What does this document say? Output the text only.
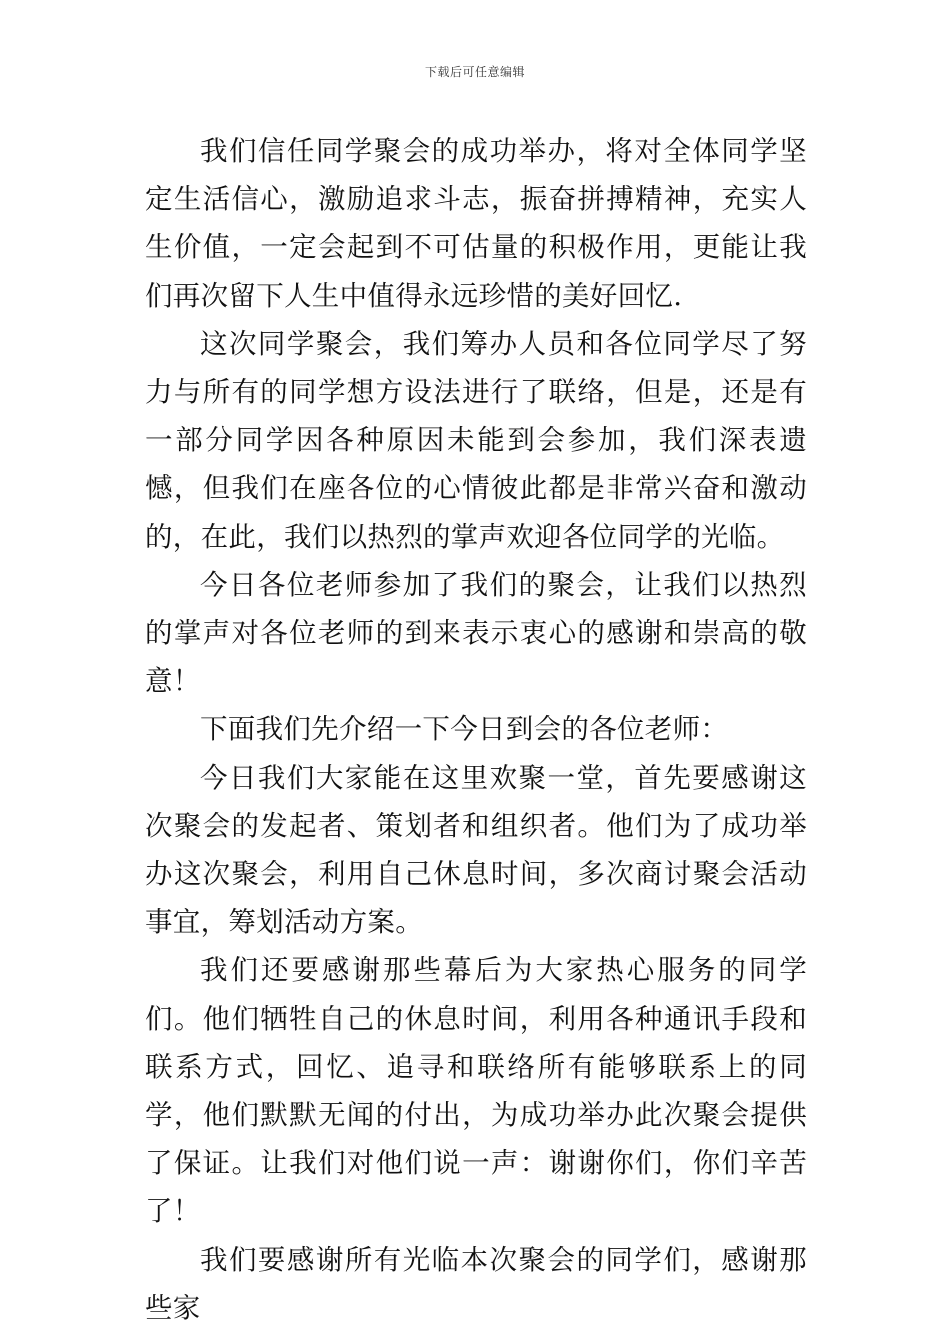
下载后可任意编辑

我们信任同学聚会的成功举办，将对全体同学坚定生活信心，激励追求斗志，振奋拼搏精神，充实人生价值，一定会起到不可估量的积极作用，更能让我们再次留下人生中值得永远珍惜的美好回忆.

这次同学聚会，我们筹办人员和各位同学尽了努力与所有的同学想方设法进行了联络，但是，还是有一部分同学因各种原因未能到会参加，我们深表遗憾，但我们在座各位的心情彼此都是非常兴奋和激动的，在此，我们以热烈的掌声欢迎各位同学的光临。

今日各位老师参加了我们的聚会，让我们以热烈的掌声对各位老师的到来表示衷心的感谢和崇高的敬意！

下面我们先介绍一下今日到会的各位老师：

今日我们大家能在这里欢聚一堂，首先要感谢这次聚会的发起者、策划者和组织者。他们为了成功举办这次聚会，利用自己休息时间，多次商讨聚会活动事宜，筹划活动方案。

我们还要感谢那些幕后为大家热心服务的同学们。他们牺牲自己的休息时间，利用各种通讯手段和联系方式，回忆、追寻和联络所有能够联系上的同学，他们默默无闻的付出，为成功举办此次聚会提供了保证。让我们对他们说一声：谢谢你们，你们辛苦了！

我们要感谢所有光临本次聚会的同学们，感谢那些家
